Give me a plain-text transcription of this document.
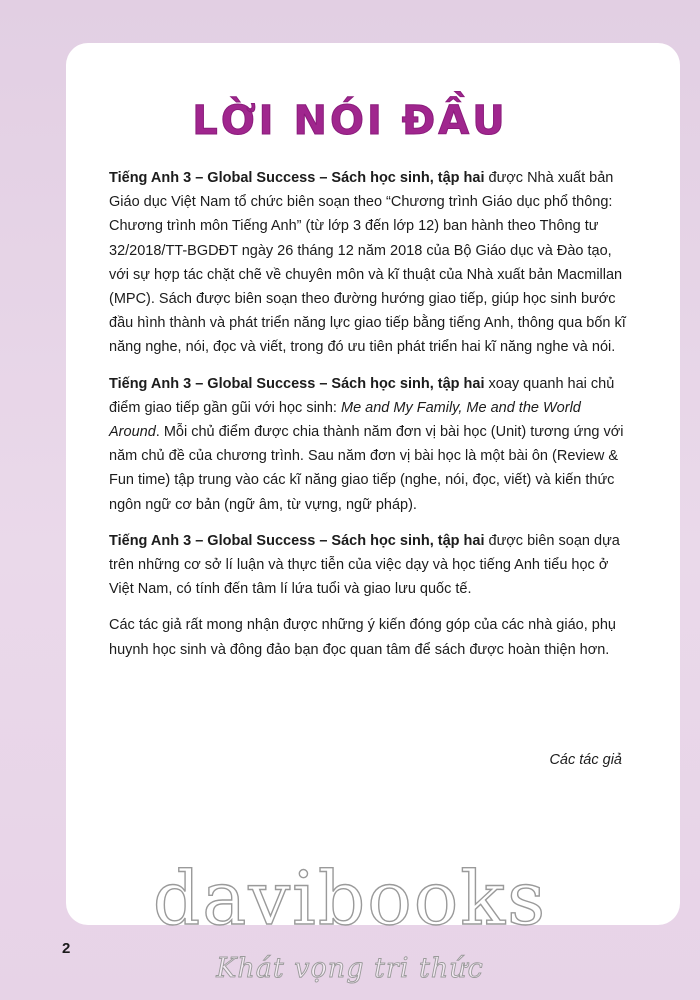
LỜI NÓI ĐẦU

Tiếng Anh 3 – Global Success – Sách học sinh, tập hai được Nhà xuất bản Giáo dục Việt Nam tổ chức biên soạn theo “Chương trình Giáo dục phổ thông: Chương trình môn Tiếng Anh” (từ lớp 3 đến lớp 12) ban hành theo Thông tư 32/2018/TT-BGDĐT ngày 26 tháng 12 năm 2018 của Bộ Giáo dục và Đào tạo, với sự hợp tác chặt chẽ về chuyên môn và kĩ thuật của Nhà xuất bản Macmillan (MPC). Sách được biên soạn theo đường hướng giao tiếp, giúp học sinh bước đầu hình thành và phát triển năng lực giao tiếp bằng tiếng Anh, thông qua bốn kĩ năng nghe, nói, đọc và viết, trong đó ưu tiên phát triển hai kĩ năng nghe và nói.

Tiếng Anh 3 – Global Success – Sách học sinh, tập hai xoay quanh hai chủ điểm giao tiếp gần gũi với học sinh: Me and My Family, Me and the World Around. Mỗi chủ điểm được chia thành năm đơn vị bài học (Unit) tương ứng với năm chủ đề của chương trình. Sau năm đơn vị bài học là một bài ôn (Review & Fun time) tập trung vào các kĩ năng giao tiếp (nghe, nói, đọc, viết) và kiến thức ngôn ngữ cơ bản (ngữ âm, từ vựng, ngữ pháp).

Tiếng Anh 3 – Global Success – Sách học sinh, tập hai được biên soạn dựa trên những cơ sở lí luận và thực tiễn của việc dạy và học tiếng Anh tiểu học ở Việt Nam, có tính đến tâm lí lứa tuổi và giao lưu quốc tế.

Các tác giả rất mong nhận được những ý kiến đóng góp của các nhà giáo, phụ huynh học sinh và đông đảo bạn đọc quan tâm để sách được hoàn thiện hơn.

Các tác giả
davibooks
Khát vọng tri thức
2
